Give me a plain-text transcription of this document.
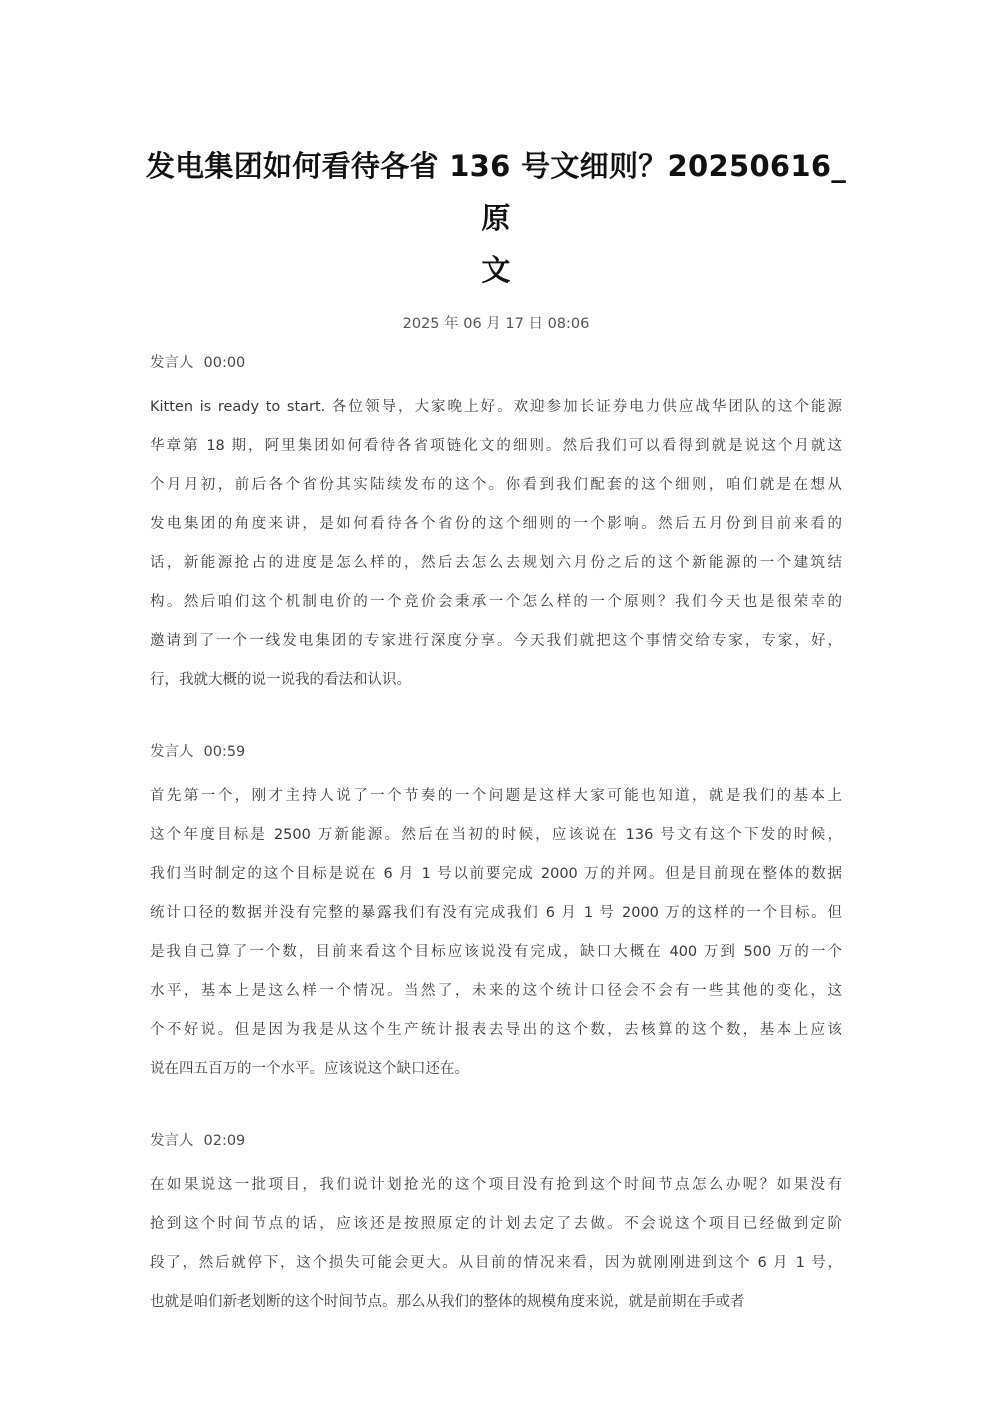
发电集团如何看待各省 136 号文细则？20250616_原
文
2025 年 06 月 17 日 08:06
发言人 00:00
Kitten is ready to start. 各位领导，大家晚上好。欢迎参加长证券电力供应战华团队的这个能源
华章第 18 期，阿里集团如何看待各省项链化文的细则。然后我们可以看得到就是说这个月就这
个月月初，前后各个省份其实陆续发布的这个。你看到我们配套的这个细则，咱们就是在想从
发电集团的角度来讲，是如何看待各个省份的这个细则的一个影响。然后五月份到目前来看的
话，新能源抢占的进度是怎么样的，然后去怎么去规划六月份之后的这个新能源的一个建筑结
构。然后咱们这个机制电价的一个竞价会秉承一个怎么样的一个原则？我们今天也是很荣幸的
邀请到了一个一线发电集团的专家进行深度分享。今天我们就把这个事情交给专家，专家，好，
行，我就大概的说一说我的看法和认识。
发言人 00:59
首先第一个，刚才主持人说了一个节奏的一个问题是这样大家可能也知道，就是我们的基本上
这个年度目标是 2500 万新能源。然后在当初的时候，应该说在 136 号文有这个下发的时候，
我们当时制定的这个目标是说在 6 月 1 号以前要完成 2000 万的并网。但是目前现在整体的数据
统计口径的数据并没有完整的暴露我们有没有完成我们 6 月 1 号 2000 万的这样的一个目标。但
是我自己算了一个数，目前来看这个目标应该说没有完成，缺口大概在 400 万到 500 万的一个
水平，基本上是这么样一个情况。当然了，未来的这个统计口径会不会有一些其他的变化，这
个不好说。但是因为我是从这个生产统计报表去导出的这个数，去核算的这个数，基本上应该
说在四五百万的一个水平。应该说这个缺口还在。
发言人 02:09
在如果说这一批项目，我们说计划抢光的这个项目没有抢到这个时间节点怎么办呢？如果没有
抢到这个时间节点的话，应该还是按照原定的计划去定了去做。不会说这个项目已经做到定阶
段了，然后就停下，这个损失可能会更大。从目前的情况来看，因为就刚刚进到这个 6 月 1 号，
也就是咱们新老划断的这个时间节点。那么从我们的整体的规模角度来说，就是前期在手或者
